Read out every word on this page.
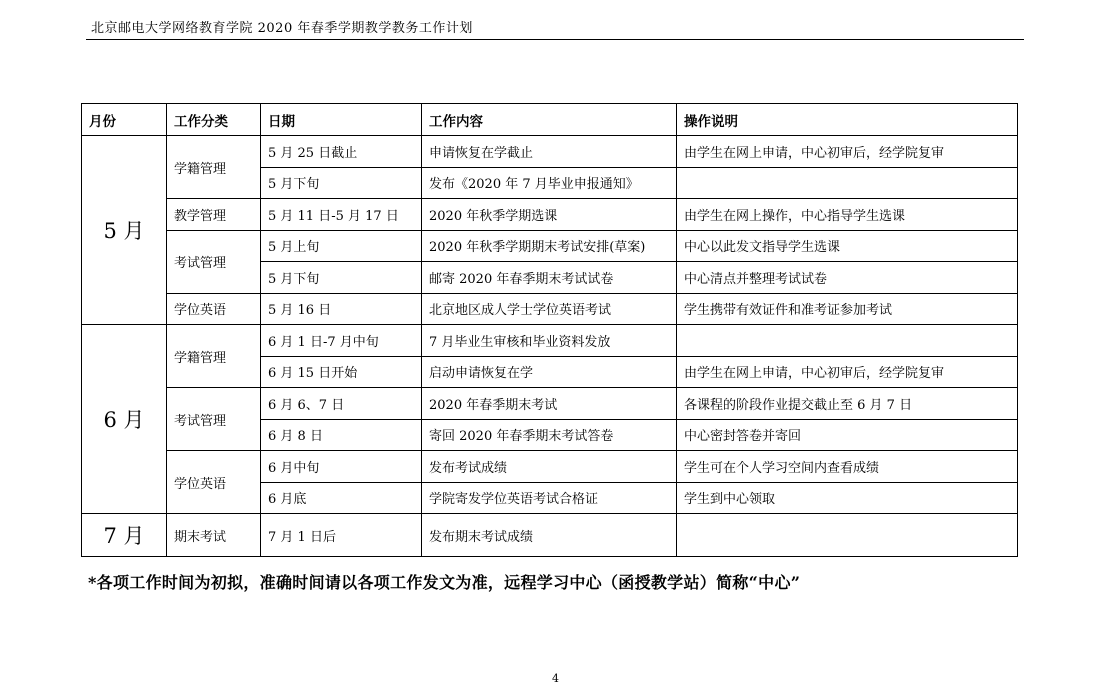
北京邮电大学网络教育学院 2020 年春季学期教学教务工作计划
月份	工作分类	日期	工作内容	操作说明
5 月	学籍管理	5 月 25 日截止	申请恢复在学截止	由学生在网上申请，中心初审后，经学院复审
		5 月下旬	发布《2020 年 7 月毕业申报通知》	
	教学管理	5 月 11 日-5 月 17 日	2020 年秋季学期选课	由学生在网上操作，中心指导学生选课
	考试管理	5 月上旬	2020 年秋季学期期末考试安排(草案)	中心以此发文指导学生选课
		5 月下旬	邮寄 2020 年春季期末考试试卷	中心清点并整理考试试卷
	学位英语	5 月 16 日	北京地区成人学士学位英语考试	学生携带有效证件和准考证参加考试
6 月	学籍管理	6 月 1 日-7 月中旬	7 月毕业生审核和毕业资料发放	
		6 月 15 日开始	启动申请恢复在学	由学生在网上申请，中心初审后，经学院复审
	考试管理	6 月 6、7 日	2020 年春季期末考试	各课程的阶段作业提交截止至 6 月 7 日
		6 月 8 日	寄回 2020 年春季期末考试答卷	中心密封答卷并寄回
	学位英语	6 月中旬	发布考试成绩	学生可在个人学习空间内查看成绩
		6 月底	学院寄发学位英语考试合格证	学生到中心领取
7 月	期末考试	7 月 1 日后	发布期末考试成绩	
*各项工作时间为初拟，准确时间请以各项工作发文为准，远程学习中心（函授教学站）简称“中心”
4
